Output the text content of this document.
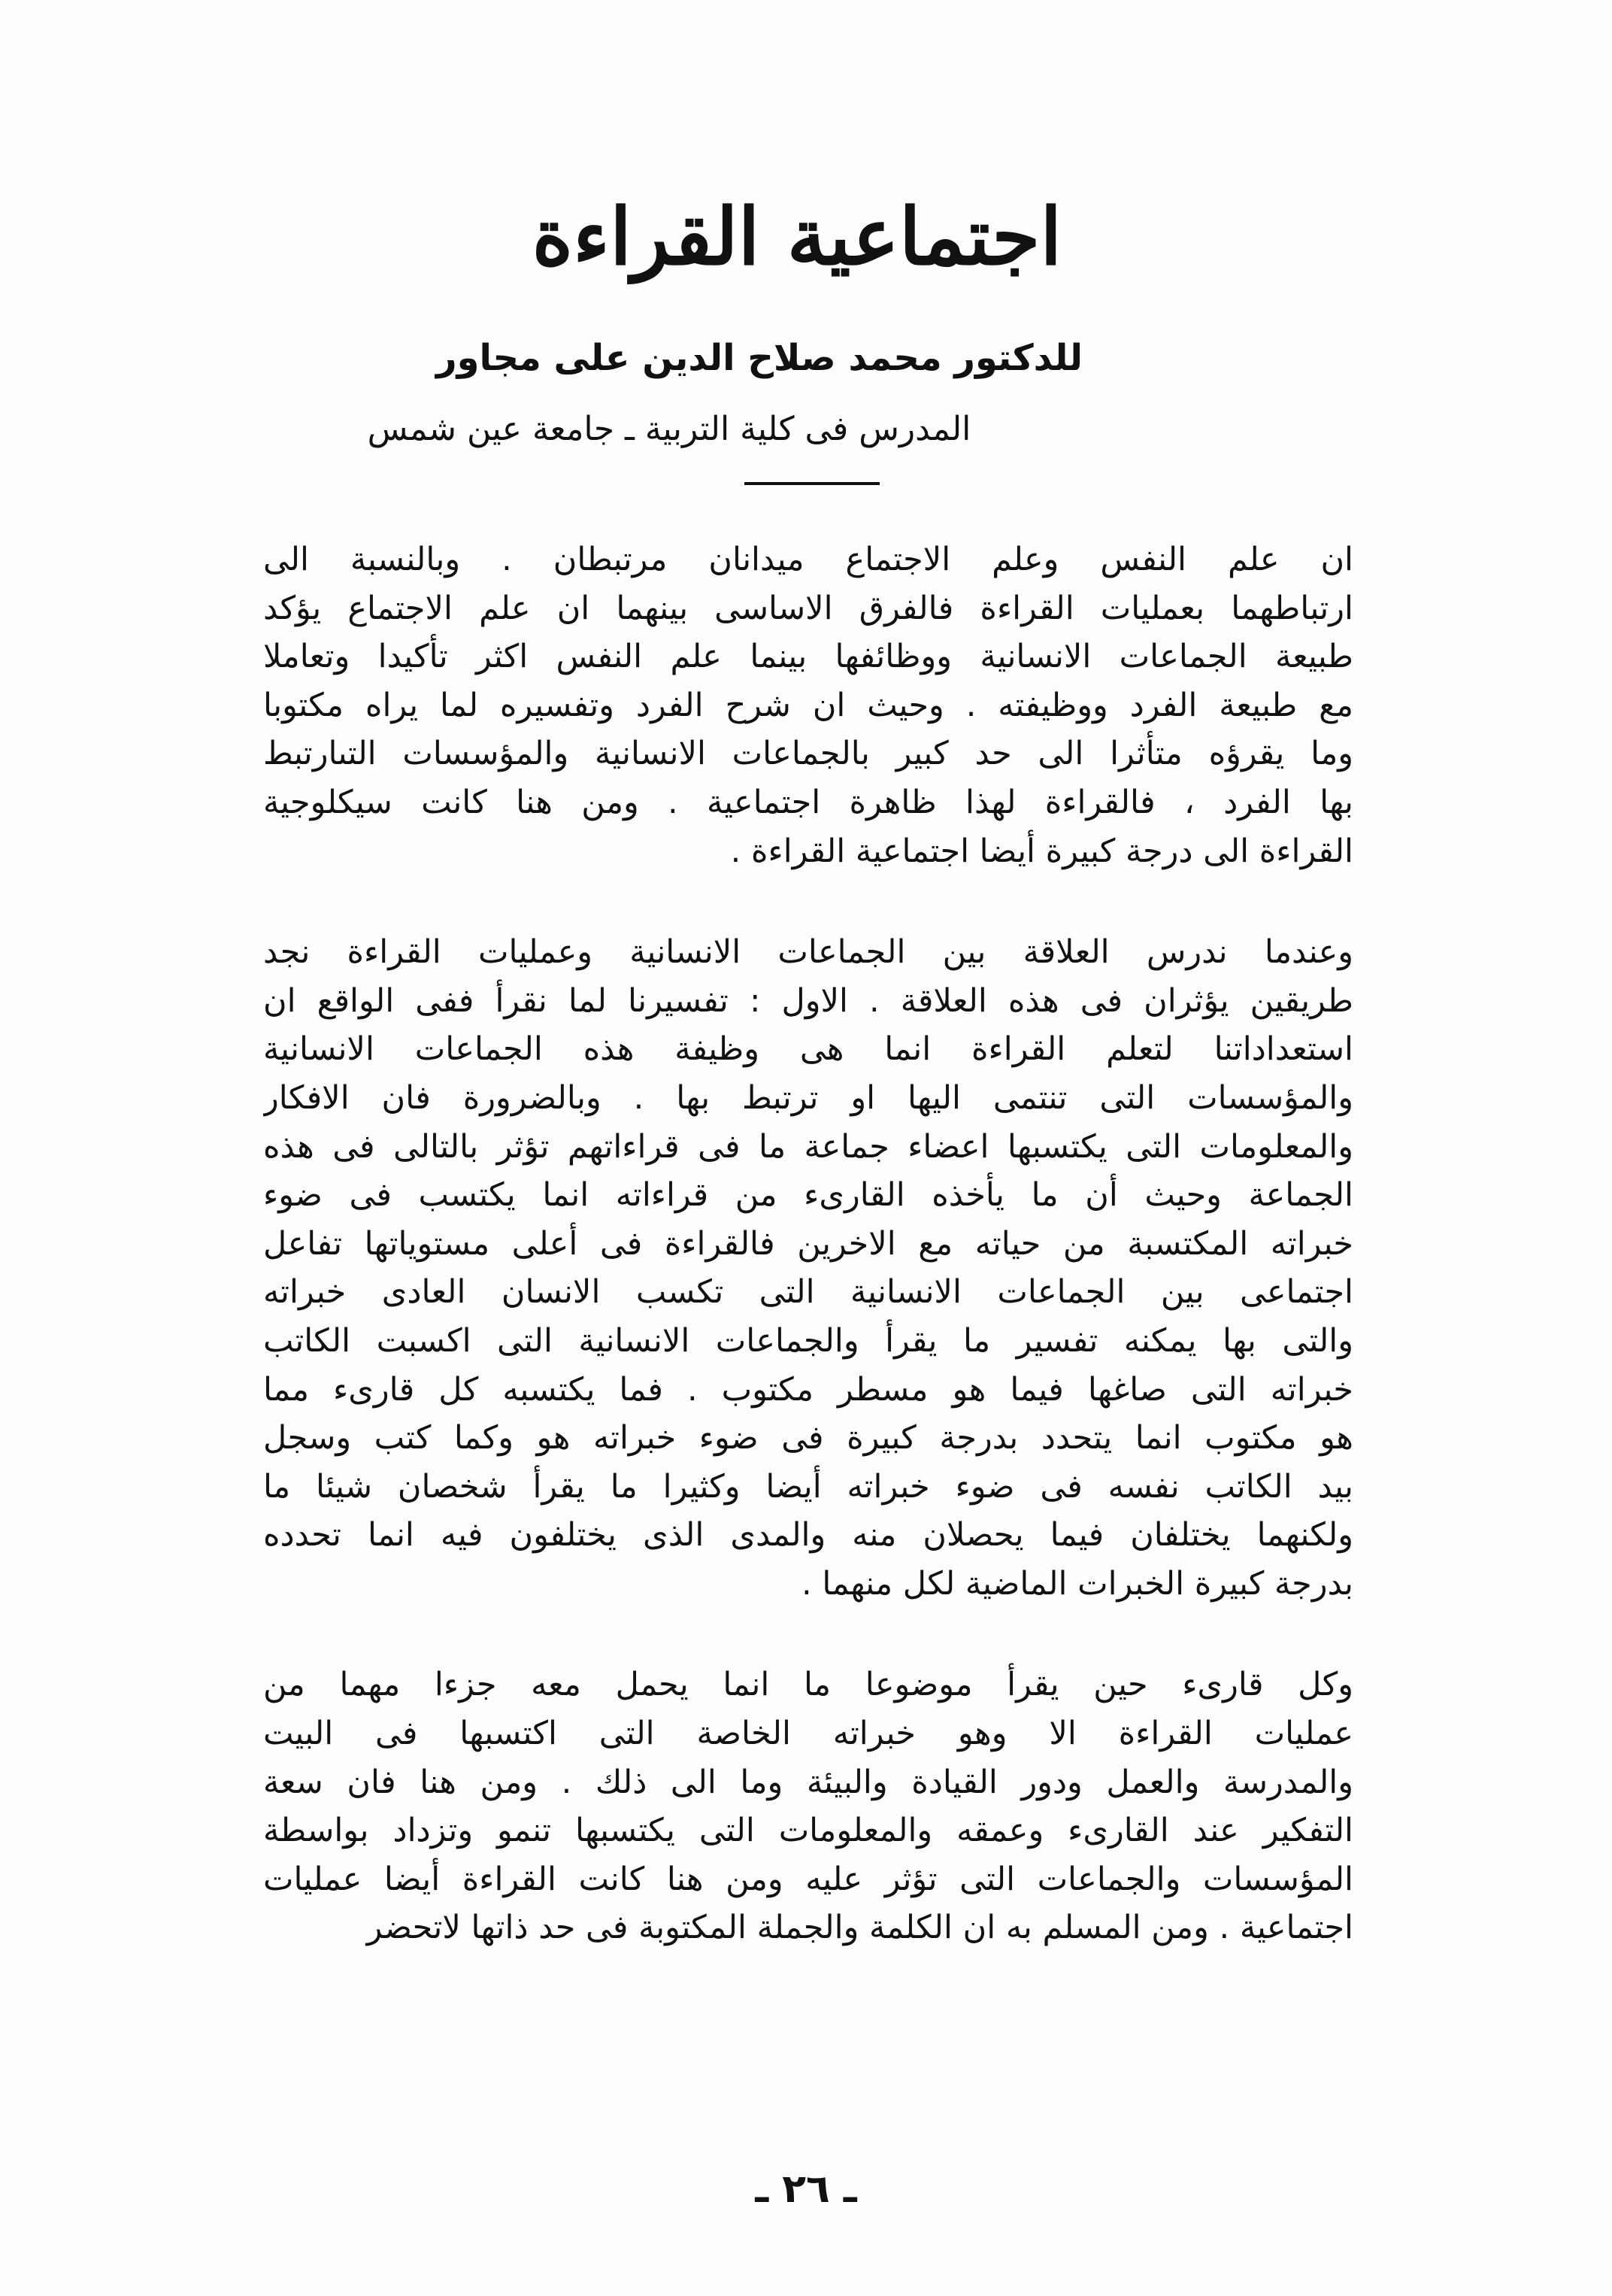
اجتماعية القراءة
للدكتور محمد صلاح الدين على مجاور
المدرس فى كلية التربية ـ جامعة عين شمس
ان علم النفس وعلم الاجتماع ميدانان مرتبطان . وبالنسبة الى
ارتباطهما بعمليات القراءة فالفرق الاساسى بينهما ان علم الاجتماع يؤكد
طبيعة الجماعات الانسانية ووظائفها بينما علم النفس اكثر تأكيدا وتعاملا
مع طبيعة الفرد ووظيفته . وحيث ان شرح الفرد وتفسيره لما يراه مكتوبا
وما يقرؤه متأثرا الى حد كبير بالجماعات الانسانية والمؤسسات التىارتبط
بها الفرد ، فالقراءة لهذا ظاهرة اجتماعية . ومن هنا كانت سيكلوجية
القراءة الى درجة كبيرة أيضا اجتماعية القراءة .
وعندما ندرس العلاقة بين الجماعات الانسانية وعمليات القراءة نجد
طريقين يؤثران فى هذه العلاقة . الاول : تفسيرنا لما نقرأ ففى الواقع ان
استعداداتنا لتعلم القراءة انما هى وظيفة هذه الجماعات الانسانية
والمؤسسات التى تنتمى اليها او ترتبط بها . وبالضرورة فان الافكار
والمعلومات التى يكتسبها اعضاء جماعة ما فى قراءاتهم تؤثر بالتالى فى هذه
الجماعة وحيث أن ما يأخذه القارىء من قراءاته انما يكتسب فى ضوء
خبراته المكتسبة من حياته مع الاخرين فالقراءة فى أعلى مستوياتها تفاعل
اجتماعى بين الجماعات الانسانية التى تكسب الانسان العادى خبراته
والتى بها يمكنه تفسير ما يقرأ والجماعات الانسانية التى اكسبت الكاتب
خبراته التى صاغها فيما هو مسطر مكتوب . فما يكتسبه كل قارىء مما
هو مكتوب انما يتحدد بدرجة كبيرة فى ضوء خبراته هو وكما كتب وسجل
بيد الكاتب نفسه فى ضوء خبراته أيضا وكثيرا ما يقرأ شخصان شيئا ما
ولكنهما يختلفان فيما يحصلان منه والمدى الذى يختلفون فيه انما تحدده
بدرجة كبيرة الخبرات الماضية لكل منهما .
وكل قارىء حين يقرأ موضوعا ما انما يحمل معه جزءا مهما من
عمليات القراءة الا وهو خبراته الخاصة التى اكتسبها فى البيت
والمدرسة والعمل ودور القيادة والبيئة وما الى ذلك . ومن هنا فان سعة
التفكير عند القارىء وعمقه والمعلومات التى يكتسبها تنمو وتزداد بواسطة
المؤسسات والجماعات التى تؤثر عليه ومن هنا كانت القراءة أيضا عمليات
اجتماعية . ومن المسلم به ان الكلمة والجملة المكتوبة فى حد ذاتها لاتحضر
ـ ٢٦ ـ
